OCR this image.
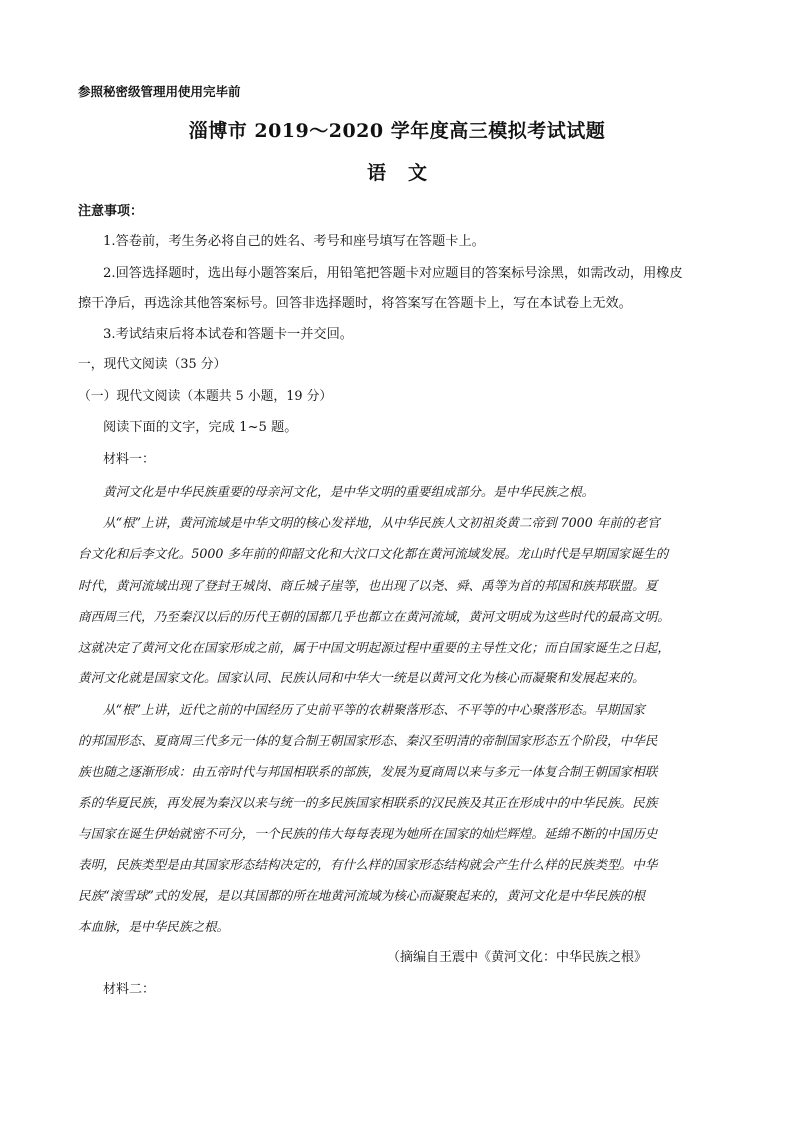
参照秘密级管理用使用完毕前
淄博市 2019～2020 学年度高三模拟考试试题
语文
注意事项：
1.答卷前，考生务必将自己的姓名、考号和座号填写在答题卡上。
2.回答选择题时，选出每小题答案后，用铅笔把答题卡对应题目的答案标号涂黑，如需改动，用橡皮
擦干净后，再选涂其他答案标号。回答非选择题时，将答案写在答题卡上，写在本试卷上无效。
3.考试结束后将本试卷和答题卡一并交回。
一，现代文阅读（35 分）
（一）现代文阅读（本题共 5 小题，19 分）
阅读下面的文字，完成 1~5 题。
材料一：
黄河文化是中华民族重要的母亲河文化，是中华文明的重要组成部分。是中华民族之根。
从“根”上讲，黄河流域是中华文明的核心发祥地，从中华民族人文初祖炎黄二帝到 7000 年前的老官
台文化和后李文化。5000 多年前的仰韶文化和大汶口文化都在黄河流域发展。龙山时代是早期国家诞生的
时代，黄河流域出现了登封王城岗、商丘城子崖等，也出现了以尧、舜、禹等为首的邦国和族邦联盟。夏
商西周三代，乃至秦汉以后的历代王朝的国都几乎也都立在黄河流域，黄河文明成为这些时代的最高文明。
这就决定了黄河文化在国家形成之前，属于中国文明起源过程中重要的主导性文化；而自国家诞生之日起，
黄河文化就是国家文化。国家认同、民族认同和中华大一统是以黄河文化为核心而凝聚和发展起来的。
从“根”上讲，近代之前的中国经历了史前平等的农耕聚落形态、不平等的中心聚落形态。早期国家
的邦国形态、夏商周三代多元一体的复合制王朝国家形态、秦汉至明清的帝制国家形态五个阶段，中华民
族也随之逐渐形成：由五帝时代与邦国相联系的部族，发展为夏商周以来与多元一体复合制王朝国家相联
系的华夏民族，再发展为秦汉以来与统一的多民族国家相联系的汉民族及其正在形成中的中华民族。民族
与国家在诞生伊始就密不可分，一个民族的伟大每每表现为她所在国家的灿烂辉煌。延绵不断的中国历史
表明，民族类型是由其国家形态结构决定的，有什么样的国家形态结构就会产生什么样的民族类型。中华
民族“滚雪球”式的发展，是以其国都的所在地黄河流域为核心而凝聚起来的，黄河文化是中华民族的根
本血脉，是中华民族之根。
（摘编自王震中《黄河文化：中华民族之根》
材料二：
